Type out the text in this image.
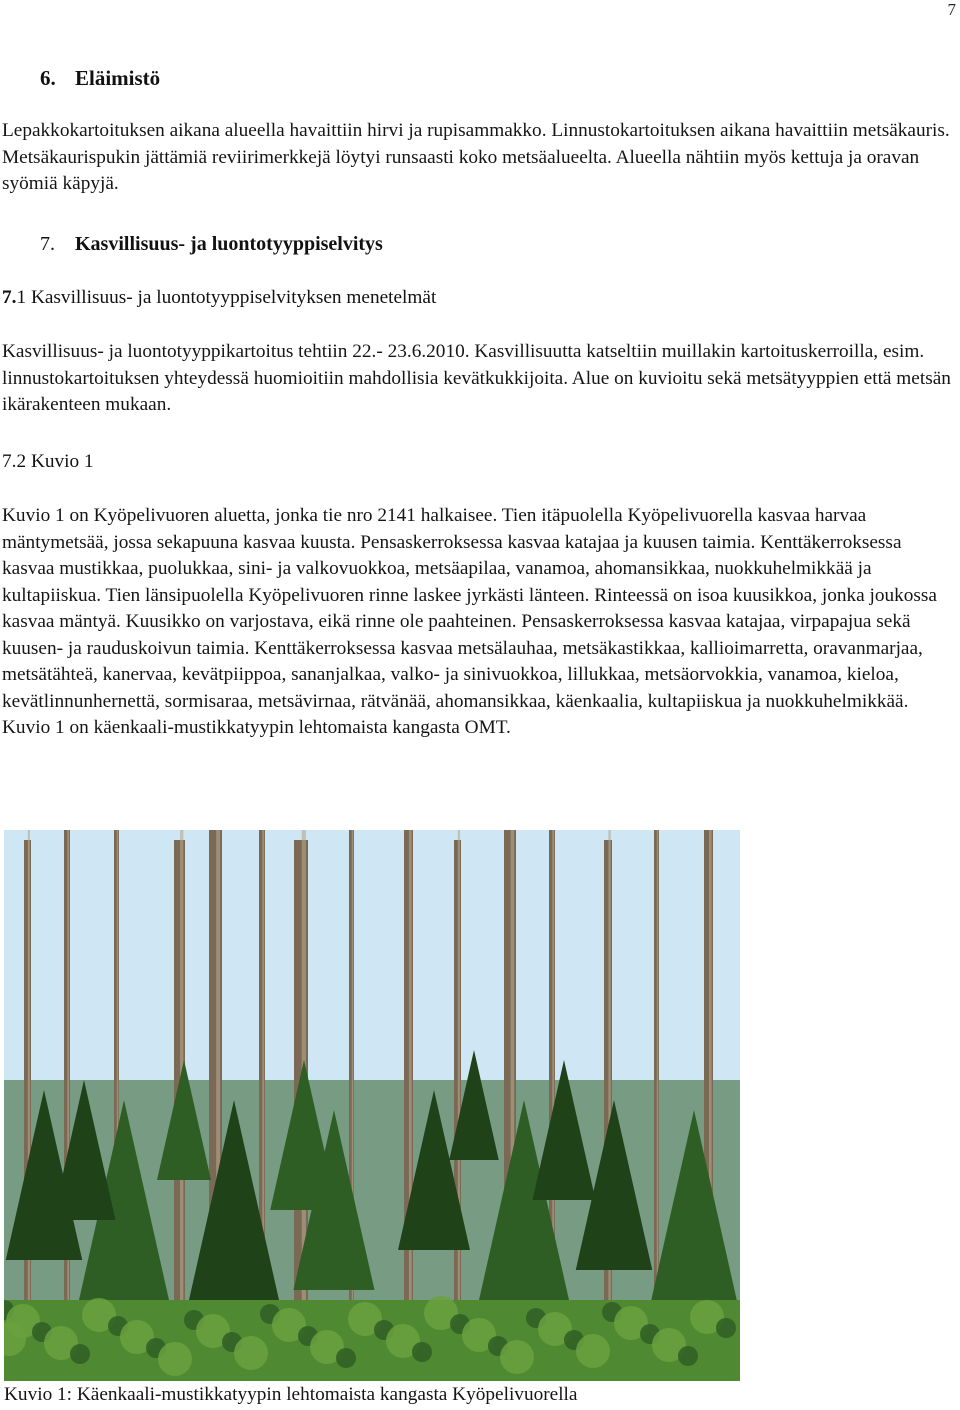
7
6. Eläimistö

Lepakkokartoituksen aikana alueella havaittiin hirvi ja rupisammakko. Linnustokartoituksen aikana havaittiin metsäkauris. Metsäkaurispukin jättämiä reviirimerkkejä löytyi runsaasti koko metsäalueelta. Alueella nähtiin myös kettuja ja oravan syömiä käpyjä.

7. Kasvillisuus- ja luontotyyppiselvitys
7.1 Kasvillisuus- ja luontotyyppiselvityksen menetelmät

Kasvillisuus- ja luontotyyppikartoitus tehtiin 22.- 23.6.2010. Kasvillisuutta katseltiin muillakin kartoituskerroilla, esim. linnustokartoituksen yhteydessä huomioitiin mahdollisia kevätkukkijoita. Alue on kuvioitu sekä metsätyyppien että metsän ikärakenteen mukaan.

7.2 Kuvio 1

Kuvio 1 on Kyöpelivuoren aluetta, jonka tie nro 2141 halkaisee. Tien itäpuolella Kyöpelivuorella kasvaa harvaa mäntymetsää, jossa sekapuuna kasvaa kuusta. Pensaskerroksessa kasvaa katajaa ja kuusen taimia. Kenttäkerroksessa kasvaa mustikkaa, puolukkaa, sini- ja valkovuokkoa, metsäapilaa, vanamoa, ahomansikkaa, nuokkuhelmikkää ja kultapiiskua. Tien länsipuolella Kyöpelivuoren rinne laskee jyrkästi länteen. Rinteessä on isoa kuusikkoa, jonka joukossa kasvaa mäntyä. Kuusikko on varjostava, eikä rinne ole paahteinen. Pensaskerroksessa kasvaa katajaa, virpapajua sekä kuusen- ja rauduskoivun taimia. Kenttäkerroksessa kasvaa metsälauhaa, metsäkastikkaa, kallioimarretta, oravanmarjaa, metsätähteä, kanervaa, kevätpiippoa, sananjalkaa, valko- ja sinivuokkoa, lillukkaa, metsäorvokkia, vanamoa, kieloa, kevätlinnunhernettä, sormisaraa, metsävirnaa, rätvänää, ahomansikkaa, käenkaalia, kultapiiskua ja nuokkuhelmikkää. Kuvio 1 on käenkaali-mustikkatyypin lehtomaista kangasta OMT.

Kuvio 1: Käenkaali-mustikkatyypin lehtomaista kangasta Kyöpelivuorella
